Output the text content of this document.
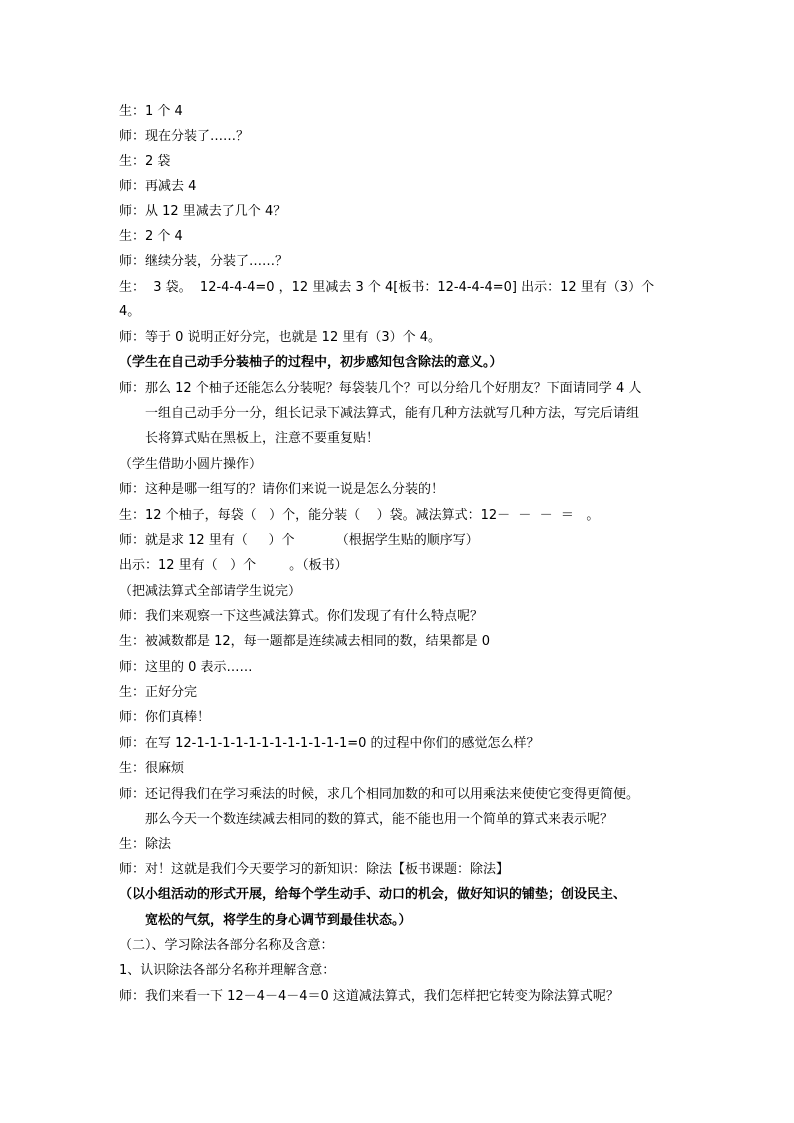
生：1 个 4
师：现在分装了……？
生：2 袋
师：再减去 4
师：从 12 里减去了几个 4？
生：2 个 4
师：继续分装，分装了……？
生：  3 袋。  12-4-4-4=0 ，12 里减去 3 个 4[板书：12-4-4-4=0] 出示：12 里有（3）个
4。
师：等于 0 说明正好分完，也就是 12 里有（3）个 4。
（学生在自己动手分装柚子的过程中，初步感知包含除法的意义。）
师：那么 12 个柚子还能怎么分装呢？每袋装几个？可以分给几个好朋友？下面请同学 4 人
一组自己动手分一分，组长记录下减法算式，能有几种方法就写几种方法，写完后请组
长将算式贴在黑板上，注意不要重复贴！
（学生借助小圆片操作）
师：这种是哪一组写的？请你们来说一说是怎么分装的！
生：12 个柚子，每袋（   ）个，能分装（    ）袋。减法算式：12－  －  －  ＝   。
师：就是求 12 里有（     ）个          （根据学生贴的顺序写）
出示：12 里有（   ）个        。（板书）
（把减法算式全部请学生说完）
师：我们来观察一下这些减法算式。你们发现了有什么特点呢？
生：被减数都是 12，每一题都是连续减去相同的数，结果都是 0
师：这里的 0 表示……
生：正好分完
师：你们真棒！
师：在写 12-1-1-1-1-1-1-1-1-1-1-1-1=0 的过程中你们的感觉怎么样？
生：很麻烦
师：还记得我们在学习乘法的时候，求几个相同加数的和可以用乘法来使使它变得更简便。
那么今天一个数连续减去相同的数的算式，能不能也用一个简单的算式来表示呢？
生：除法
师：对！这就是我们今天要学习的新知识：除法【板书课题：除法】
（以小组活动的形式开展，给每个学生动手、动口的机会，做好知识的铺垫；创设民主、
宽松的气氛，将学生的身心调节到最佳状态。）
（二）、学习除法各部分名称及含意：
1、认识除法各部分名称并理解含意：
师：我们来看一下 12－4－4－4＝0 这道减法算式，我们怎样把它转变为除法算式呢？
